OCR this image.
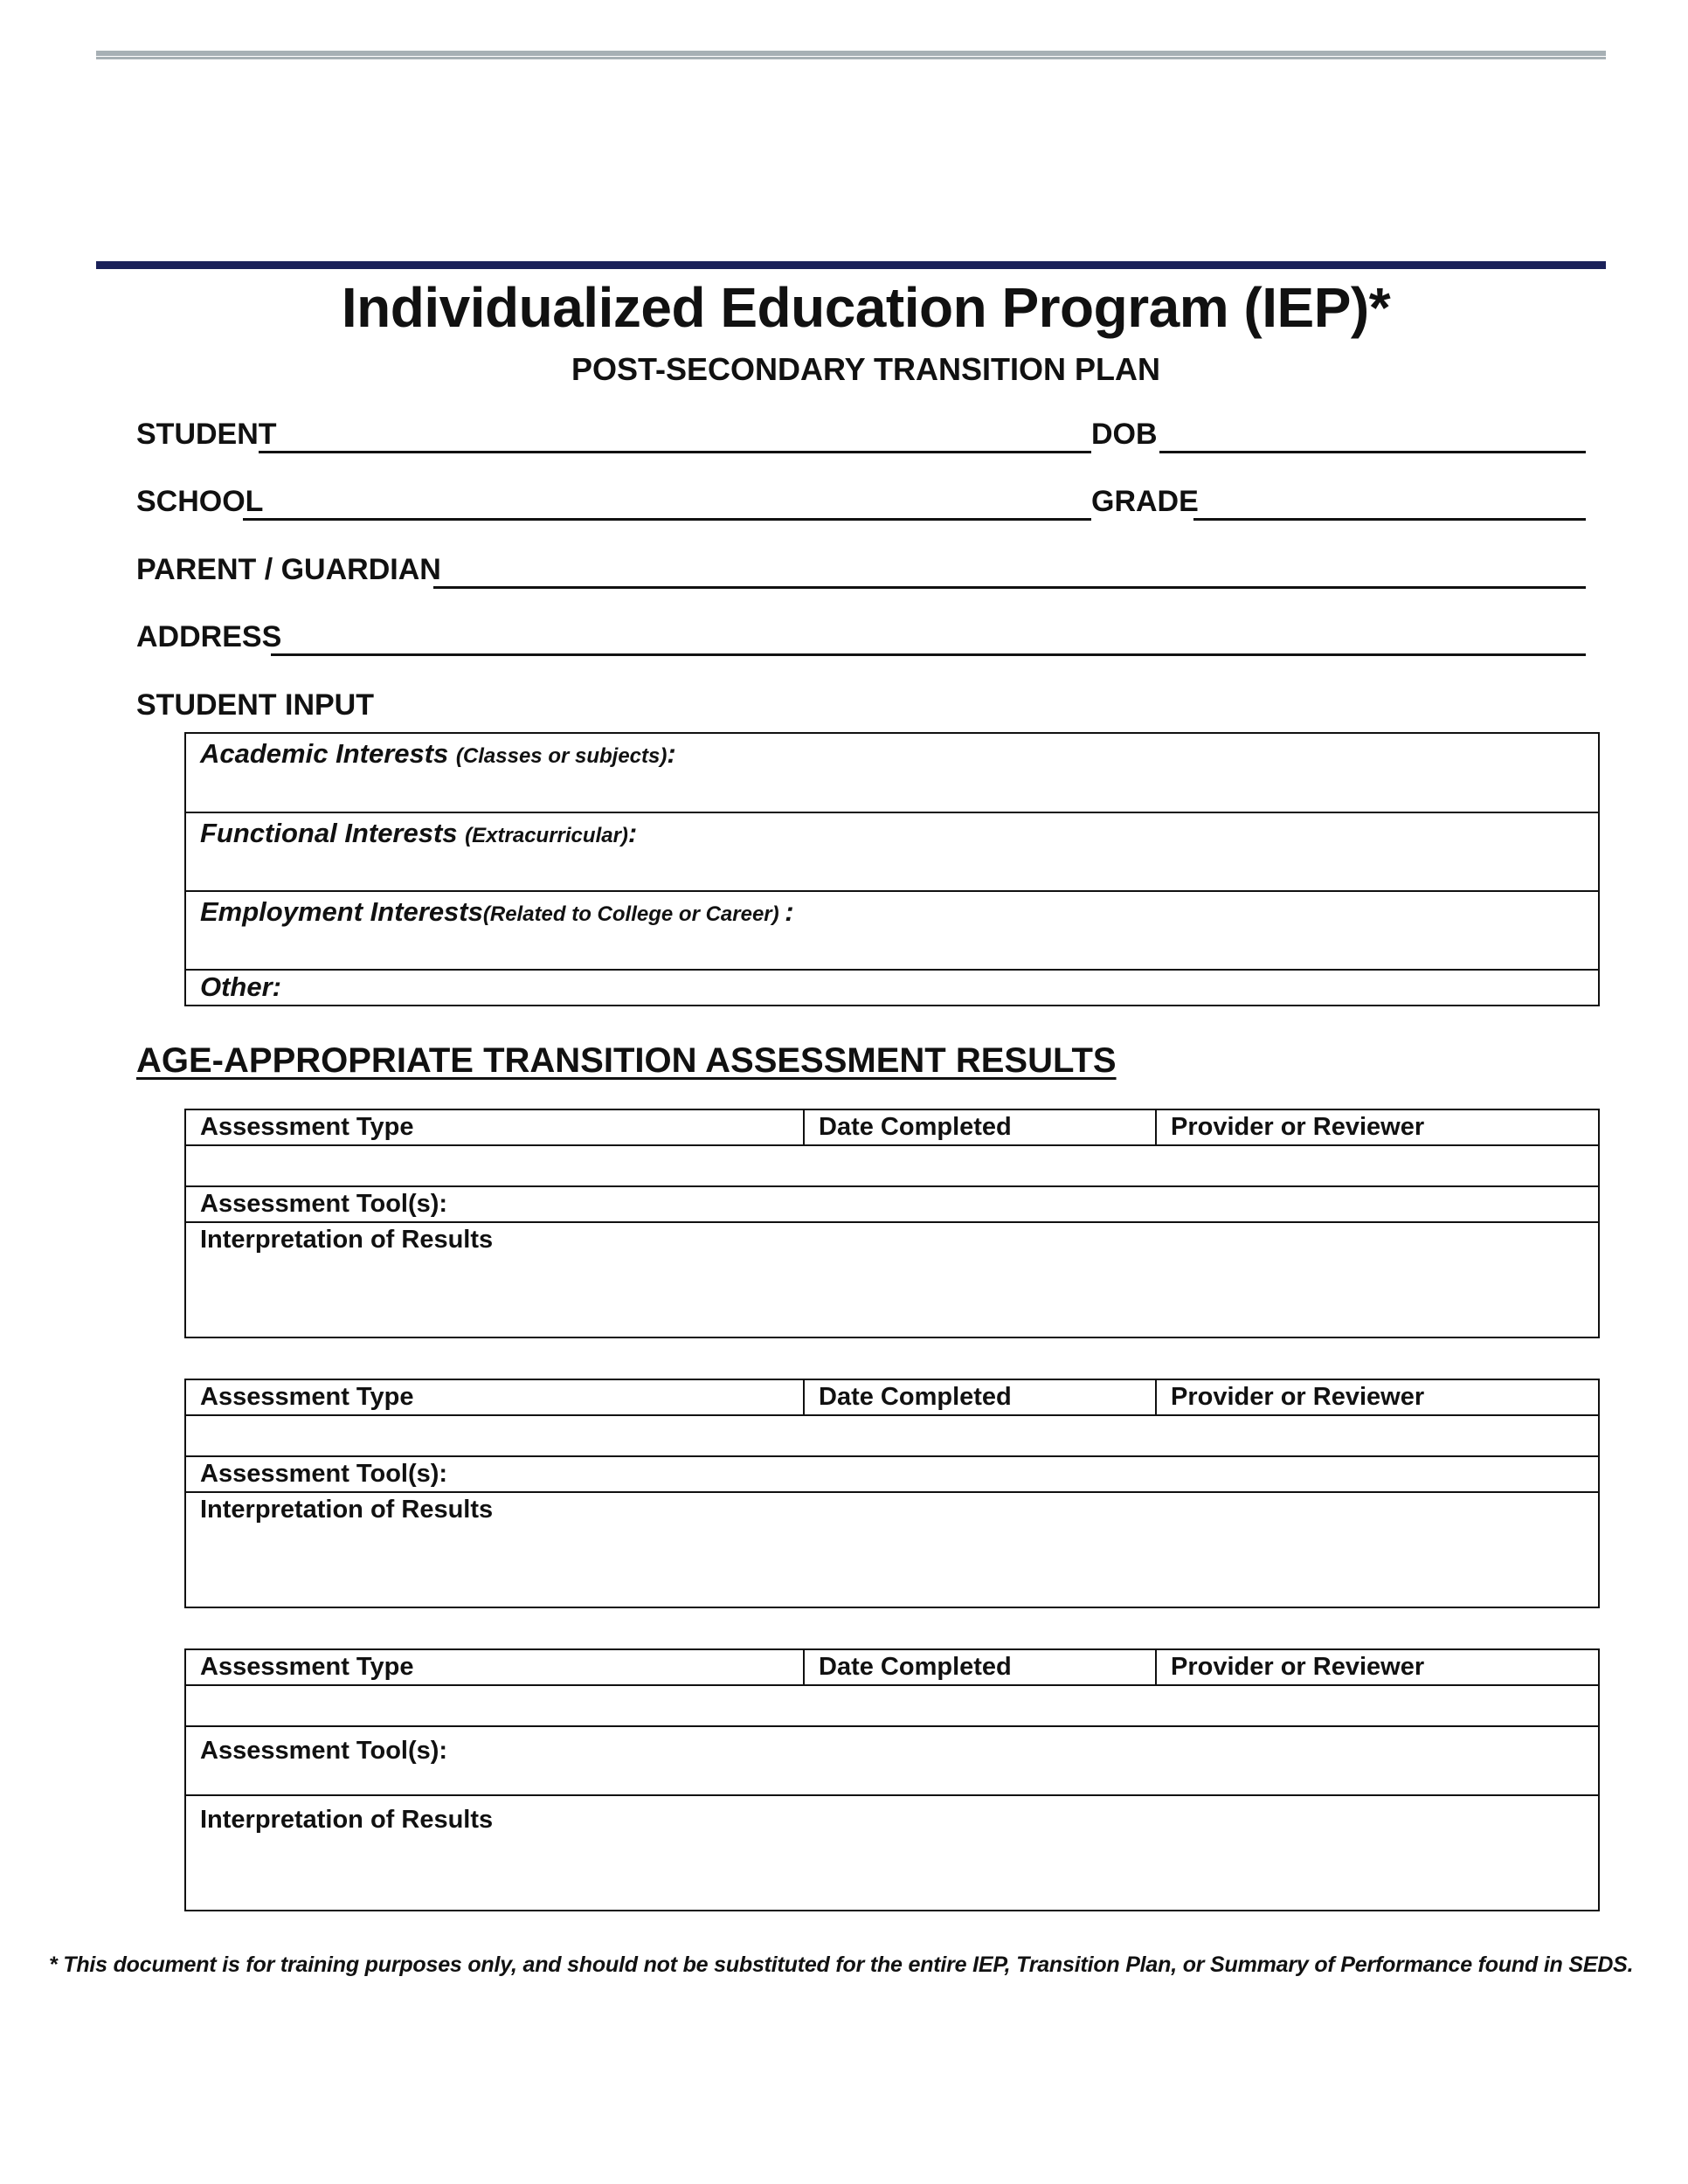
Individualized Education Program (IEP)*
POST-SECONDARY TRANSITION PLAN
STUDENT	DOB
SCHOOL	GRADE
PARENT / GUARDIAN
ADDRESS
STUDENT INPUT
Academic Interests (Classes or subjects):
Functional Interests (Extracurricular):
Employment Interests(Related to College or Career) :
Other:
AGE-APPROPRIATE TRANSITION ASSESSMENT RESULTS
Assessment Type	Date Completed	Provider or Reviewer
Assessment Tool(s):
Interpretation of Results
Assessment Type	Date Completed	Provider or Reviewer
Assessment Tool(s):
Interpretation of Results
Assessment Type	Date Completed	Provider or Reviewer
Assessment Tool(s):
Interpretation of Results
* This document is for training purposes only, and should not be substituted for the entire IEP, Transition Plan, or Summary of Performance found in SEDS.
